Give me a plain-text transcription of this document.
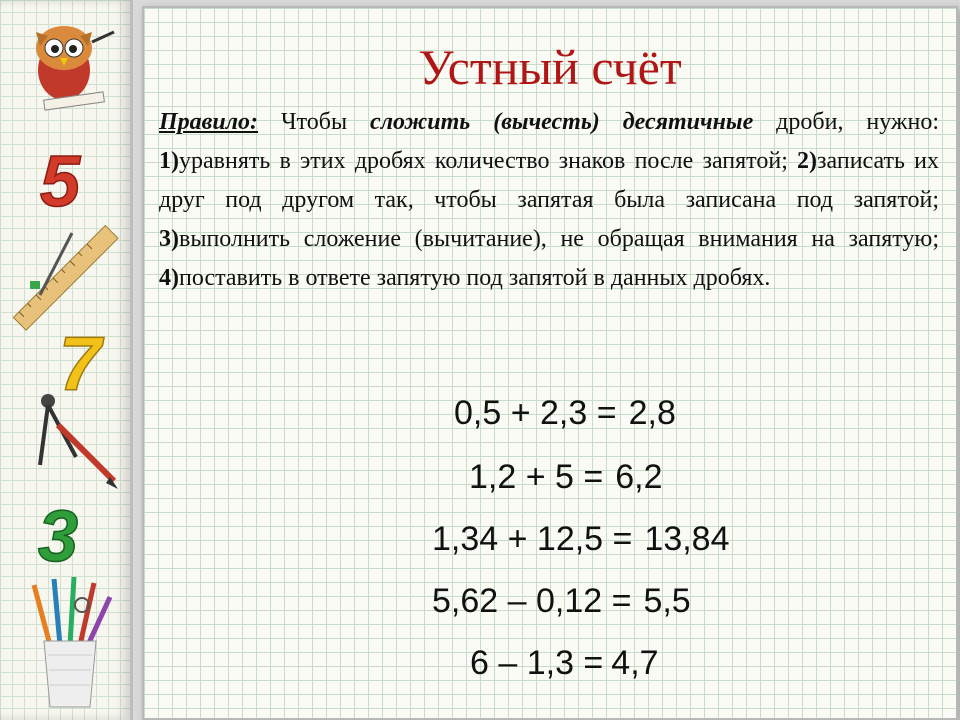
5
7
3
Устный счёт
Правило: Чтобы сложить (вычесть) десятичные дроби, нужно: 1)уравнять в этих дробях количество знаков после запятой; 2)записать их друг под другом так, чтобы запятая была записана под запятой; 3)выполнить сложение (вычитание), не обращая внимания на запятую; 4)поставить в ответе запятую под запятой в данных дробях.
0,5 + 2,3 = 2,8
1,2 + 5 = 6,2
1,34 + 12,5 = 13,84
5,62 – 0,12 = 5,5
6 – 1,3 = 4,7
